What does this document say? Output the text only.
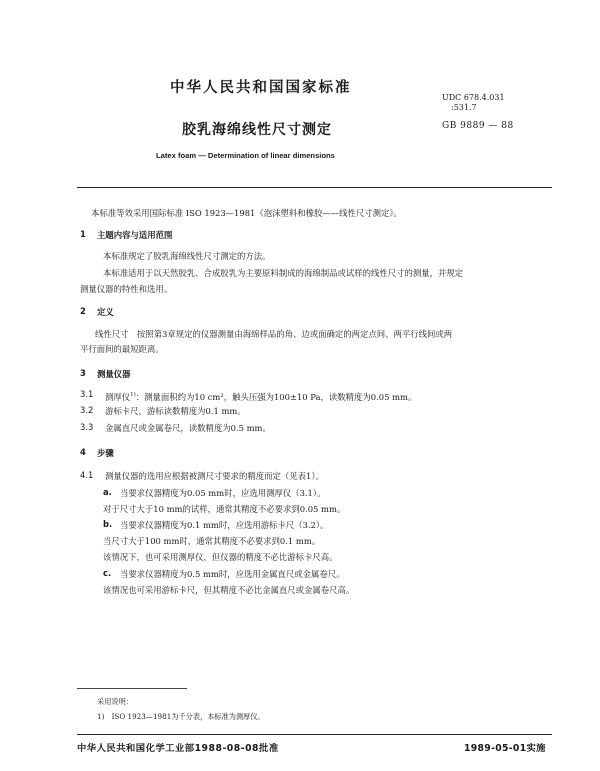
中华人民共和国国家标准
UDC 678.4.031
:531.7
胶乳海绵线性尺寸测定	GB 9889 — 88
Latex foam — Determination of linear dimensions
本标准等效采用国际标准 ISO 1923—1981《泡沫塑料和橡胶——线性尺寸测定》。
1 主题内容与适用范围
本标准规定了胶乳海绵线性尺寸测定的方法。
本标准适用于以天然胶乳、合成胶乳为主要原料制成的海绵制品或试样的线性尺寸的测量，并规定
测量仪器的特性和选用。
2 定义
线性尺寸　按照第3章规定的仪器测量由海绵样品的角、边或面确定的两定点间、两平行线间或两
平行面间的最短距离。
3 测量仪器
3.1 测厚仪$^{1)}$：测量面积约为10 cm²，触头压强为100±10 Pa，读数精度为0.05 mm。
3.2 游标卡尺，游标读数精度为0.1 mm。
3.3 金属直尺或金属卷尺，读数精度为0.5 mm。
4 步骤
4.1 测量仪器的选用应根据被测尺寸要求的精度而定（见表1）。
a. 当要求仪器精度为0.05 mm时，应选用测厚仪（3.1）。
对于尺寸大于10 mm的试样，通常其精度不必要求到0.05 mm。
b. 当要求仪器精度为0.1 mm时，应选用游标卡尺（3.2）。
当尺寸大于100 mm时，通常其精度不必要求到0.1 mm。
该情况下，也可采用测厚仪，但仪器的精度不必比游标卡尺高。
c. 当要求仪器精度为0.5 mm时，应选用金属直尺或金属卷尺。
该情况也可采用游标卡尺，但其精度不必比金属直尺或金属卷尺高。
采用说明：
1)　ISO 1923—1981为千分表，本标准为测厚仪。
中华人民共和国化学工业部1988-08-08批准	1989-05-01实施
